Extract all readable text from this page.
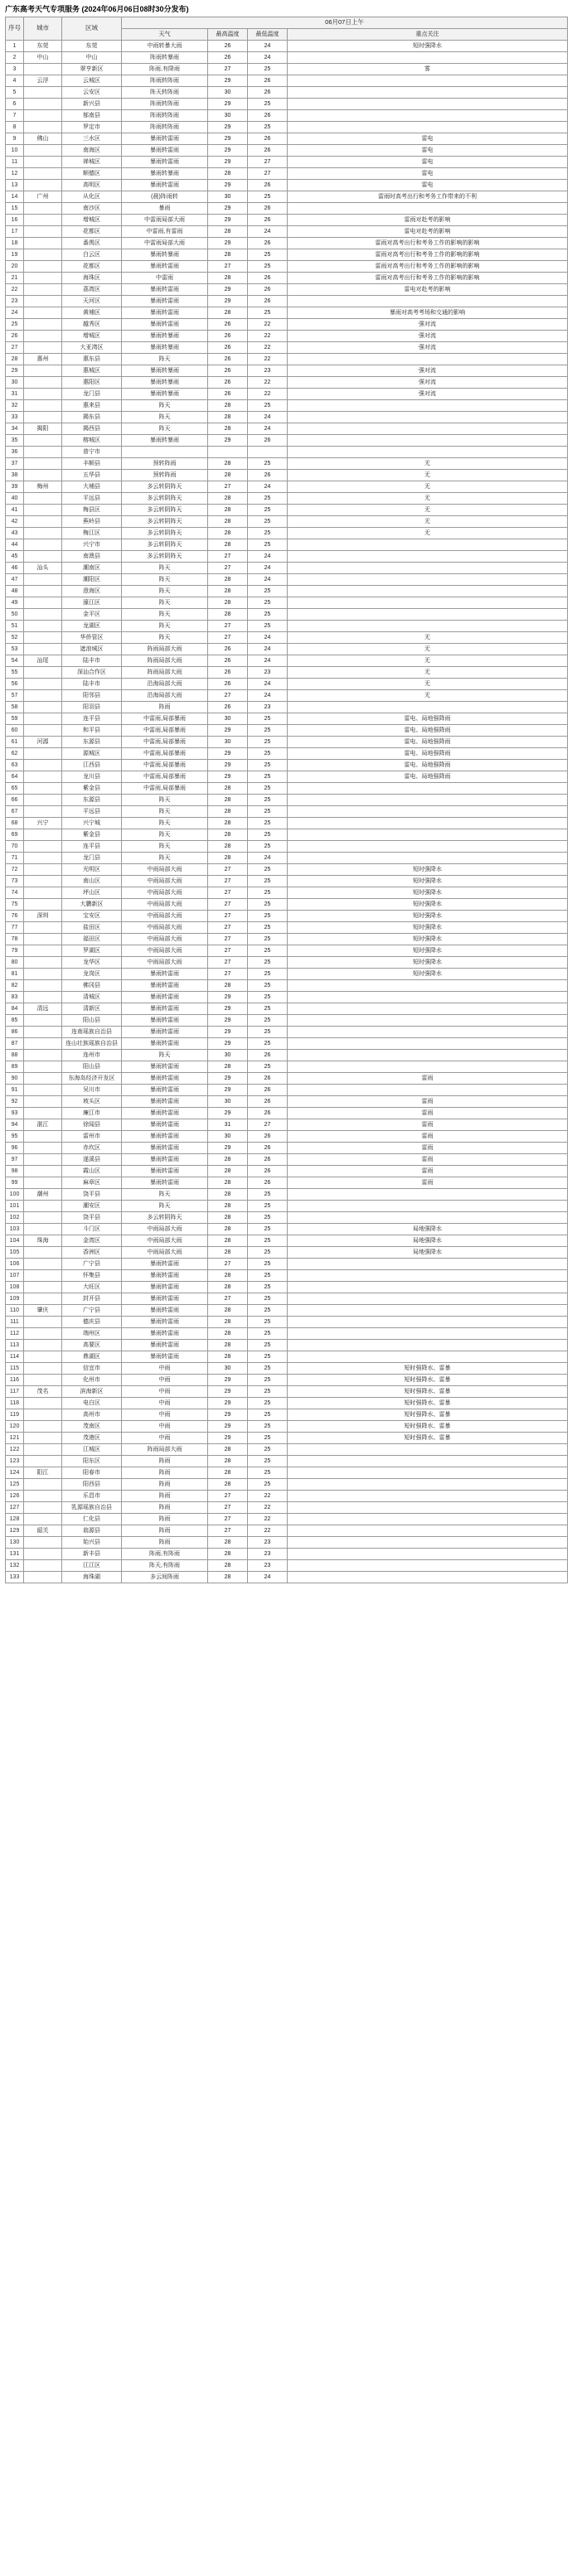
广东高考天气专项服务 (2024年06月06日08时30分发布)
序号	城市	区域	06月07日上午			
			天气	最高温度	最低温度	重点关注
1	东莞	东莞	中雨转暴大雨	26	24	短时强降水
2	中山	中山	阵雨转暴雨	26	24	
3		翠亨新区	阵雨,有降雨	27	25	雾
4	云浮	云城区	阵雨转阵雨	29	26	
5		云安区	阵天转阵雨	30	26	
6		新兴县	阵雨转阵雨	29	25	
7		郁南县	阵雨转阵雨	30	26	
8		罗定市	阵雨转阵雨	29	25	
9	佛山	三水区	暴雨转雷雨	29	26	雷电
10		南海区	暴雨转雷雨	29	26	雷电
11		禅城区	暴雨转雷雨	29	27	雷电
12		顺德区	暴雨转暴雨	28	27	雷电
13		高明区	暴雨转雷雨	29	26	雷电
14	广州	从化区	(晨)阵雨转	30	25	雷雨时高考出行和考务工作带来的不利
15		南沙区	暴雨	29	26	
16		增城区	中雷雨局部大雨	29	26	雷雨对赴考的影响
17		花都区	中雷雨,有雷雨	28	24	雷电对赴考的影响
18		番禺区	中雷雨局部大雨	29	26	雷雨对高考出行和考务工作的影响的影响
19		白云区	暴雨转暴雨	28	25	雷雨对高考出行和考务工作的影响的影响
20		花都区	暴雨转雷雨	27	25	雷雨对高考出行和考务工作的影响的影响
21		海珠区	中雷雨	28	26	雷雨对高考出行和考务工作的影响的影响
22		荔湾区	暴雨转雷雨	29	26	雷电对赴考的影响
23		天河区	暴雨转雷雨	29	26	
24		黄埔区	暴雨转雷雨	28	25	暴雨对高考考场和交通的影响
25		越秀区	暴雨转雷雨	26	22	强对流
26		增城区	暴雨转暴雨	26	22	强对流
27		大亚湾区	暴雨转暴雨	26	22	强对流
28	惠州	惠东县	阵天	26	22	
29		惠城区	暴雨转暴雨	26	23	强对流
30		惠阳区	暴雨转暴雨	26	22	强对流
31		龙门县	暴雨转暴雨	26	22	强对流
32		惠来县	阵天	28	25	
33		揭东县	阵天	28	24	
34	揭阳	揭西县	阵天	28	24	
35		榕城区	暴雨转暴雨	29	26	
36		普宁市				
37		丰顺县	预转阵雨	28	25	无
38		五华县	预转阵雨	28	26	无
39	梅州	大埔县	多云转阴阵天	27	24	无
40		平远县	多云转阴阵天	28	25	无
41		梅县区	多云转阴阵天	28	25	无
42		蕉岭县	多云转阴阵天	28	25	无
43		梅江区	多云转阴阵天	28	25	无
44		兴宁市	多云转阴阵天	28	25	
45		南澳县	多云转阴阵天	27	24	
46	汕头	潮南区	阵天	27	24	
47		潮阳区	阵天	28	24	
48		澄海区	阵天	28	25	
49		濠江区	阵天	28	25	
50		金平区	阵天	28	25	
51		龙湖区	阵天	27	25	
52		华侨管区	阵天	27	24	无
53		遮浪城区	阵雨局部大雨	26	24	无
54	汕尾	陆丰市	阵雨局部大雨	26	24	无
55		深汕合作区	阵雨局部大雨	26	23	无
56		陆丰市	沿海局部大雨	26	24	无
57		阳邻县	沿海局部大雨	27	24	无
58		阳羽县	阵雨	26	23	
59		连平县	中雷雨,局部暴雨	30	25	雷电、局地强降雨
60		和平县	中雷雨,局部暴雨	29	25	雷电、局地强降雨
61	河源	东源县	中雷雨,局部暴雨	30	25	雷电、局地强降雨
62		源城区	中雷雨,局部暴雨	29	25	雷电、局地强降雨
63		江西县	中雷雨,局部暴雨	29	25	雷电、局地强降雨
64		龙川县	中雷雨,局部暴雨	29	25	雷电、局地强降雨
65		紫金县	中雷雨,局部暴雨	28	25	
66		东源县	阵天	28	25	
67		平远县	阵天	28	25	
68	兴宁	兴宁城	阵天	28	25	
69		紫金县	阵天	28	25	
70		连平县	阵天	28	25	
71		龙门县	阵天	28	24	
72		光明区	中雨局部大雨	27	25	短时强降水
73		南山区	中雨局部大雨	27	25	短时强降水
74		坪山区	中雨局部大雨	27	25	短时强降水
75		大鹏新区	中雨局部大雨	27	25	短时强降水
76	深圳	宝安区	中雨局部大雨	27	25	短时强降水
77		盐田区	中雨局部大雨	27	25	短时强降水
78		福田区	中雨局部大雨	27	25	短时强降水
79		罗湖区	中雨局部大雨	27	25	短时强降水
80		龙华区	中雨局部大雨	27	25	短时强降水
81		龙岗区	暴雨转雷雨	27	25	短时强降水
82		佛冈县	暴雨转雷雨	28	25	
83		清城区	暴雨转雷雨	29	25	
84	清远	清新区	暴雨转雷雨	29	25	
85		阳山县	暴雨转雷雨	29	25	
86		连南瑶族自治县	暴雨转雷雨	29	25	
87		连山壮族瑶族自治县	暴雨转雷雨	29	25	
88		连州市	阵天	30	26	
89		阳山县	暴雨转雷雨	28	25	
90		东海岛经济开发区	暴雨转雷雨	29	26	雷雨
91		吴川市	暴雨转雷雨	29	26	
92		坡头区	暴雨转雷雨	30	26	雷雨
93		廉江市	暴雨转雷雨	29	26	雷雨
94	湛江	徐闻县	暴雨转雷雨	31	27	雷雨
95		雷州市	暴雨转雷雨	30	26	雷雨
96		赤坎区	暴雨转雷雨	29	26	雷雨
97		遂溪县	暴雨转雷雨	28	26	雷雨
98		霞山区	暴雨转雷雨	28	26	雷雨
99		麻章区	暴雨转雷雨	28	26	雷雨
100	潮州	饶平县	阵天	28	25	
101		潮安区	阵天	28	25	
102		饶平县	多云转阴阵天	28	25	
103		斗门区	中雨局部大雨	28	25	局地强降水
104	珠海	金湾区	中雨局部大雨	28	25	局地强降水
105		香洲区	中雨局部大雨	28	25	局地强降水
106		广宁县	暴雨转雷雨	27	25	
107		怀集县	暴雨转雷雨	28	25	
108		大旺区	暴雨转雷雨	28	25	
109		封开县	暴雨转雷雨	27	25	
110	肇庆	广宁县	暴雨转雷雨	28	25	
111		德庆县	暴雨转雷雨	28	25	
112		端州区	暴雨转雷雨	28	25	
113		高要区	暴雨转雷雨	28	25	
114		鼎湖区	暴雨转雷雨	28	25	
115		信宜市	中雨	30	25	短时强降水、雷暴
116		化州市	中雨	29	25	短时强降水、雷暴
117	茂名	滨海新区	中雨	29	25	短时强降水、雷暴
118		电白区	中雨	29	25	短时强降水、雷暴
119		高州市	中雨	29	25	短时强降水、雷暴
120		茂南区	中雨	29	25	短时强降水、雷暴
121		茂港区	中雨	29	25	短时强降水、雷暴
122		江城区	阵雨局部大雨	28	25	
123		阳东区	阵雨	28	25	
124	阳江	阳春市	阵雨	28	25	
125		阳西县	阵雨	28	25	
126		乐昌市	阵雨	27	22	
127		乳源瑶族自治县	阵雨	27	22	
128		仁化县	阵雨	27	22	
129	韶关	翁源县	阵雨	27	22	
130		始兴县	阵雨	28	23	
131		新丰县	阵雨,有阵雨	28	23	
132		江江区	阵天,有阵雨	28	23	
133		海珠湖	多云间阵雨	28	24	
